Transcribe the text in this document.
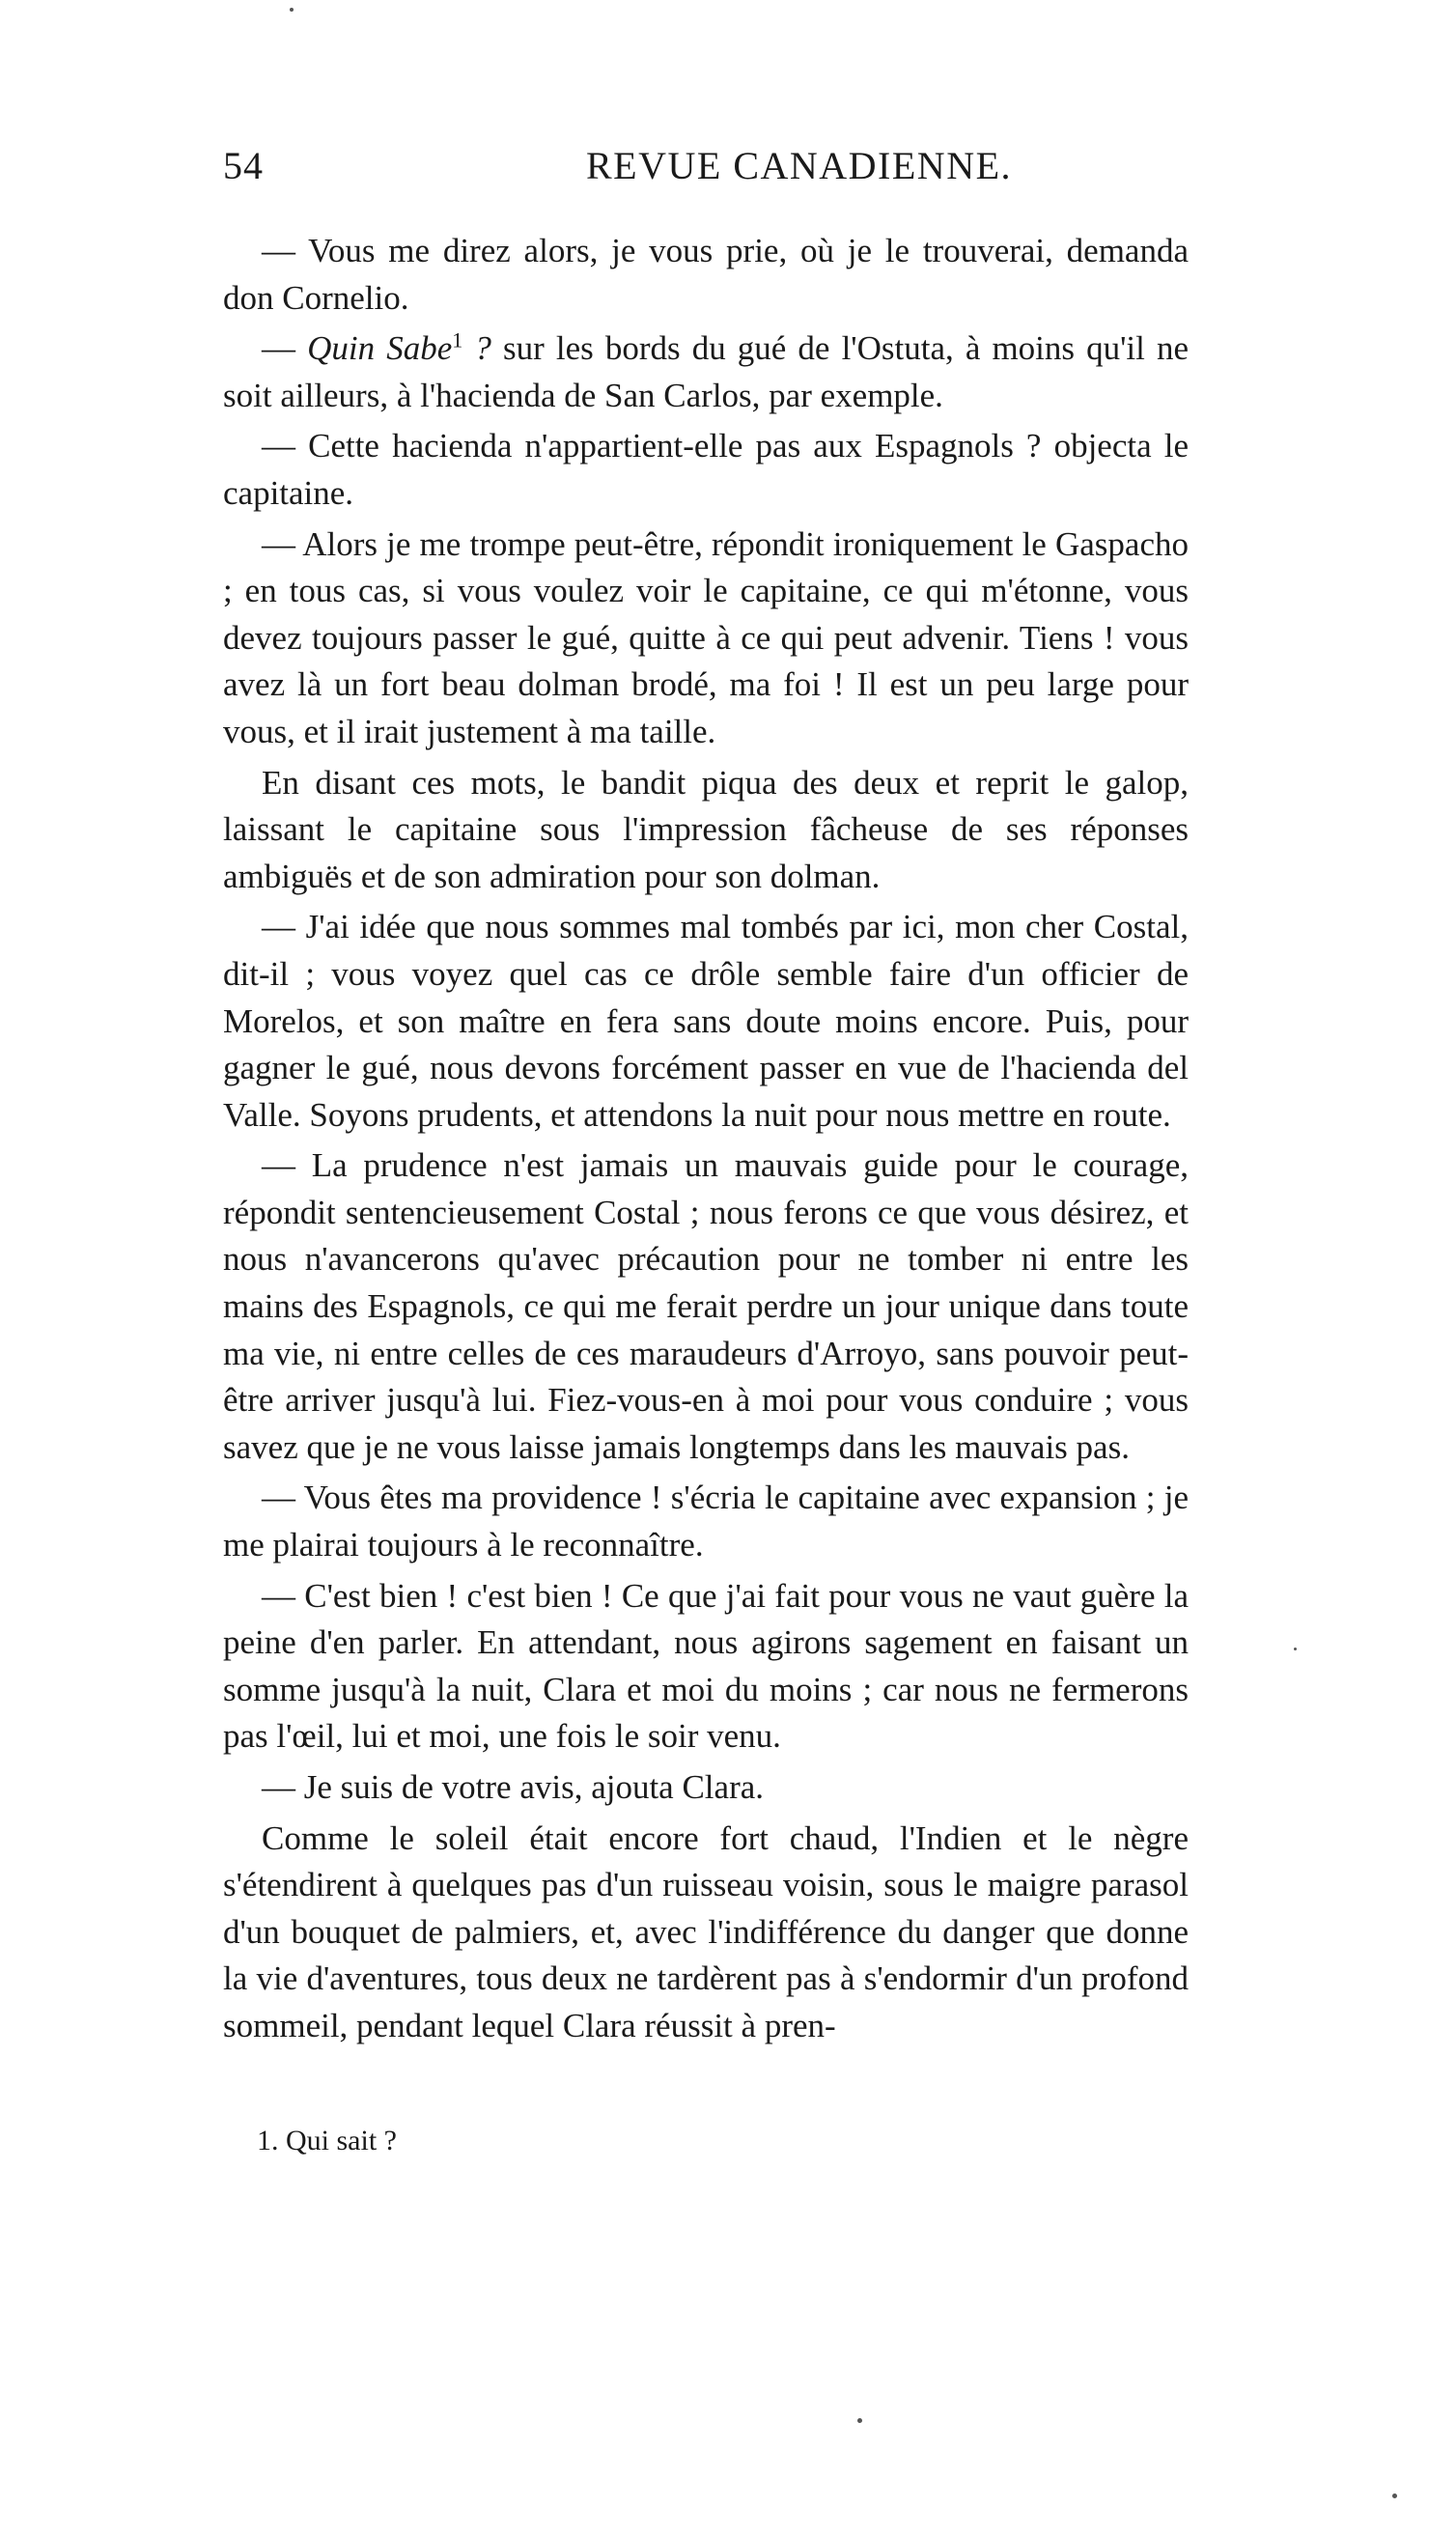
54	REVUE CANADIENNE.

— Vous me direz alors, je vous prie, où je le trouverai, demanda don Cornelio.

— Quin Sabe$^1$ ? sur les bords du gué de l'Ostuta, à moins qu'il ne soit ailleurs, à l'hacienda de San Carlos, par exemple.

— Cette hacienda n'appartient-elle pas aux Espagnols ? objecta le capitaine.

— Alors je me trompe peut-être, répondit ironiquement le Gaspacho ; en tous cas, si vous voulez voir le capitaine, ce qui m'étonne, vous devez toujours passer le gué, quitte à ce qui peut advenir. Tiens ! vous avez là un fort beau dolman brodé, ma foi ! Il est un peu large pour vous, et il irait justement à ma taille.

En disant ces mots, le bandit piqua des deux et reprit le galop, laissant le capitaine sous l'impression fâcheuse de ses réponses ambiguës et de son admiration pour son dolman.

— J'ai idée que nous sommes mal tombés par ici, mon cher Costal, dit-il ; vous voyez quel cas ce drôle semble faire d'un officier de Morelos, et son maître en fera sans doute moins encore. Puis, pour gagner le gué, nous devons forcément passer en vue de l'hacienda del Valle. Soyons prudents, et attendons la nuit pour nous mettre en route.

— La prudence n'est jamais un mauvais guide pour le courage, répondit sentencieusement Costal ; nous ferons ce que vous désirez, et nous n'avancerons qu'avec précaution pour ne tomber ni entre les mains des Espagnols, ce qui me ferait perdre un jour unique dans toute ma vie, ni entre celles de ces maraudeurs d'Arroyo, sans pouvoir peut-être arriver jusqu'à lui. Fiez-vous-en à moi pour vous conduire ; vous savez que je ne vous laisse jamais longtemps dans les mauvais pas.

— Vous êtes ma providence ! s'écria le capitaine avec expansion ; je me plairai toujours à le reconnaître.

— C'est bien ! c'est bien ! Ce que j'ai fait pour vous ne vaut guère la peine d'en parler. En attendant, nous agirons sagement en faisant un somme jusqu'à la nuit, Clara et moi du moins ; car nous ne fermerons pas l'œil, lui et moi, une fois le soir venu.

— Je suis de votre avis, ajouta Clara.

Comme le soleil était encore fort chaud, l'Indien et le nègre s'étendirent à quelques pas d'un ruisseau voisin, sous le maigre parasol d'un bouquet de palmiers, et, avec l'indifférence du danger que donne la vie d'aventures, tous deux ne tardèrent pas à s'endormir d'un profond sommeil, pendant lequel Clara réussit à pren-

1. Qui sait ?
